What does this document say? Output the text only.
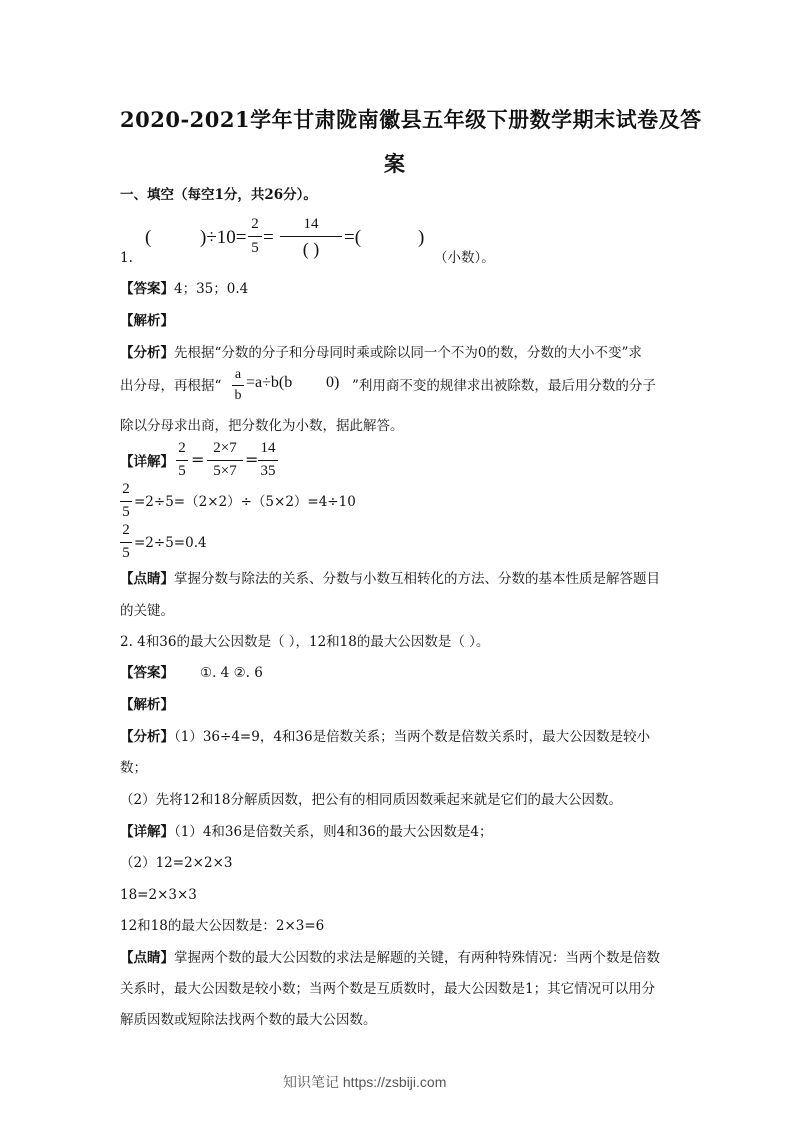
2020-2021学年甘肃陇南徽县五年级下册数学期末试卷及答
案
一、填空（每空1分，共26分）。
(	)÷10=
2
5 =
14
( )
=(	)
1.	（小数）。
【答案】4；35；0.4
【解析】
【分析】先根据“分数的分子和分母同时乘或除以同一个不为0的数，分数的大小不变”求
出分母，再根据“
a
b
=a÷b(b 0) ”利用商不变的规律求出被除数，最后用分数的分子
除以分母求出商，把分数化为小数，据此解答。
【详解】
2
5
=
2×7
5×7
=
14
35
2
5
=2÷5=（2×2）÷（5×2）=4÷10
2
5
=2÷5=0.4
【点睛】掌握分数与除法的关系、分数与小数互相转化的方法、分数的基本性质是解答题目
的关键。
2. 4和36的最大公因数是（ ），12和18的最大公因数是（ ）。
【答案】 ①. 4 ②. 6
【解析】
【分析】（1）36÷4=9，4和36是倍数关系；当两个数是倍数关系时，最大公因数是较小
数；
（2）先将12和18分解质因数，把公有的相同质因数乘起来就是它们的最大公因数。
【详解】（1）4和36是倍数关系，则4和36的最大公因数是4；
（2）12=2×2×3
18=2×3×3
12和18的最大公因数是：2×3=6
【点睛】掌握两个数的最大公因数的求法是解题的关键，有两种特殊情况：当两个数是倍数
关系时，最大公因数是较小数；当两个数是互质数时，最大公因数是1；其它情况可以用分
解质因数或短除法找两个数的最大公因数。
知识笔记 https://zsbiji.com
